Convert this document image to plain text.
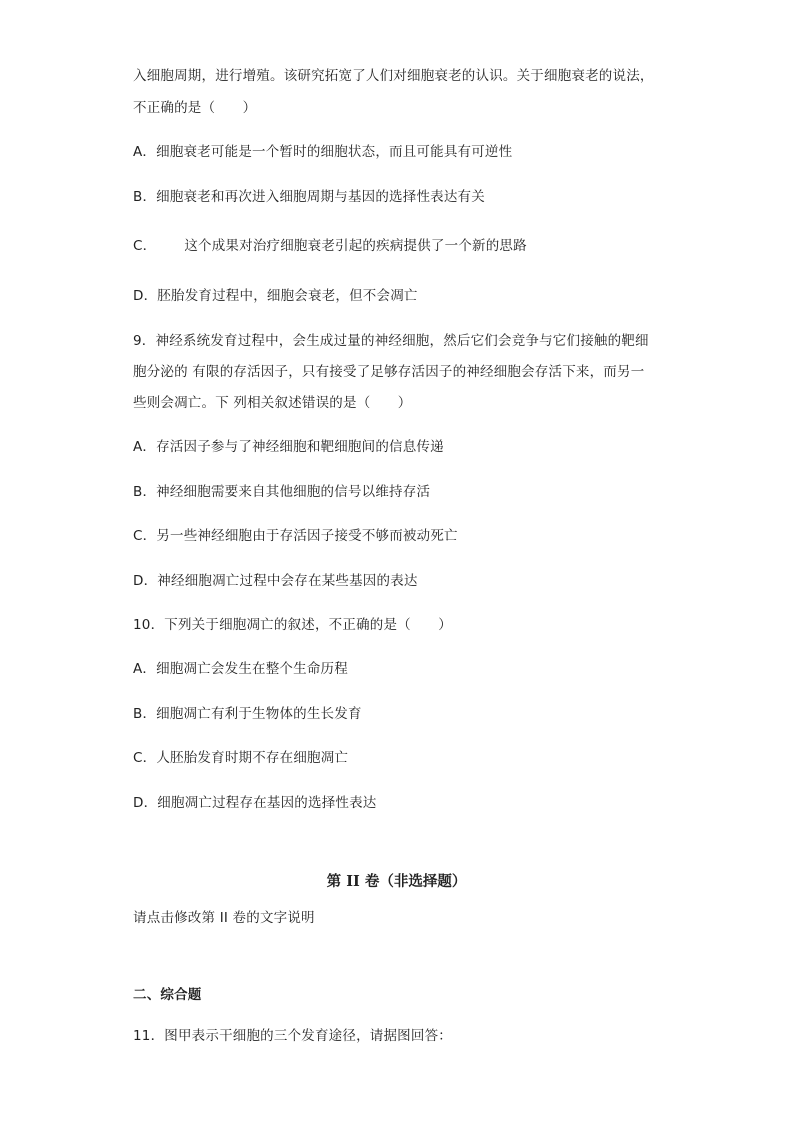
入细胞周期，进行增殖。该研究拓宽了人们对细胞衰老的认识。关于细胞衰老的说法，
不正确的是（　　）
A．细胞衰老可能是一个暂时的细胞状态，而且可能具有可逆性
B．细胞衰老和再次进入细胞周期与基因的选择性表达有关
C． 这个成果对治疗细胞衰老引起的疾病提供了一个新的思路
D．胚胎发育过程中，细胞会衰老，但不会凋亡
9．神经系统发育过程中，会生成过量的神经细胞，然后它们会竞争与它们接触的靶细
胞分泌的 有限的存活因子，只有接受了足够存活因子的神经细胞会存活下来，而另一
些则会凋亡。下 列相关叙述错误的是（　　）
A．存活因子参与了神经细胞和靶细胞间的信息传递
B．神经细胞需要来自其他细胞的信号以维持存活
C．另一些神经细胞由于存活因子接受不够而被动死亡
D．神经细胞凋亡过程中会存在某些基因的表达
10．下列关于细胞凋亡的叙述，不正确的是（　　）
A．细胞凋亡会发生在整个生命历程
B．细胞凋亡有利于生物体的生长发育
C．人胚胎发育时期不存在细胞凋亡
D．细胞凋亡过程存在基因的选择性表达
第 II 卷（非选择题）
请点击修改第 II 卷的文字说明
二、综合题
11．图甲表示干细胞的三个发育途径，请据图回答：
